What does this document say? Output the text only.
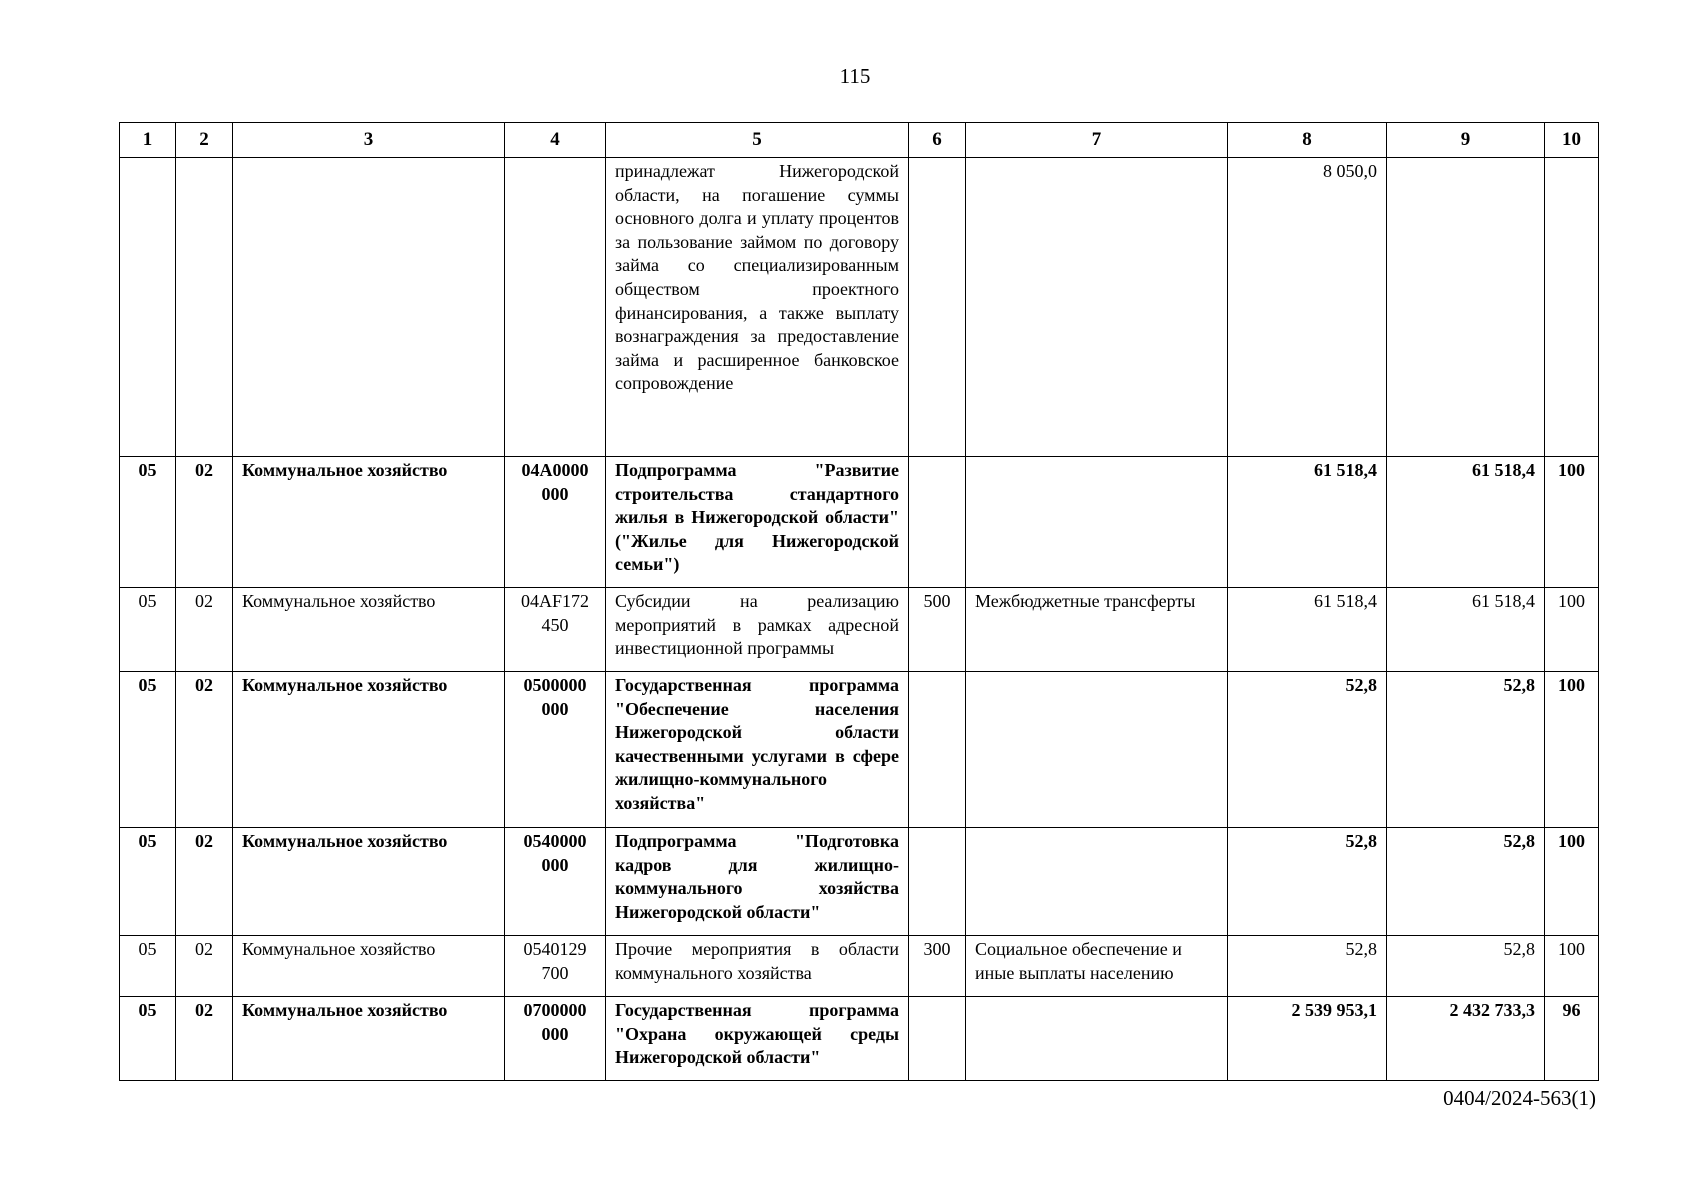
115
1	2	3	4	5	6	7	8	9	10
				принадлежат Нижегородской области, на погашение суммы основного долга и уплату процентов за пользование займом по договору займа со специализированным обществом проектного финансирования, а также выплату вознаграждения за предоставление займа и расширенное банковское сопровождение			8 050,0		
05	02	Коммунальное хозяйство	04А0000 000	Подпрограмма "Развитие строительства стандартного жилья в Нижегородской области" ("Жилье для Нижегородской семьи")			61 518,4	61 518,4	100
05	02	Коммунальное хозяйство	04АF172 450	Субсидии на реализацию мероприятий в рамках адресной инвестиционной программы	500	Межбюджетные трансферты	61 518,4	61 518,4	100
05	02	Коммунальное хозяйство	0500000 000	Государственная программа "Обеспечение населения Нижегородской области качественными услугами в сфере жилищно-коммунального хозяйства"			52,8	52,8	100
05	02	Коммунальное хозяйство	0540000 000	Подпрограмма "Подготовка кадров для жилищно-коммунального хозяйства Нижегородской области"			52,8	52,8	100
05	02	Коммунальное хозяйство	0540129 700	Прочие мероприятия в области коммунального хозяйства	300	Социальное обеспечение и иные выплаты населению	52,8	52,8	100
05	02	Коммунальное хозяйство	0700000 000	Государственная программа "Охрана окружающей среды Нижегородской области"			2 539 953,1	2 432 733,3	96
0404/2024-563(1)
